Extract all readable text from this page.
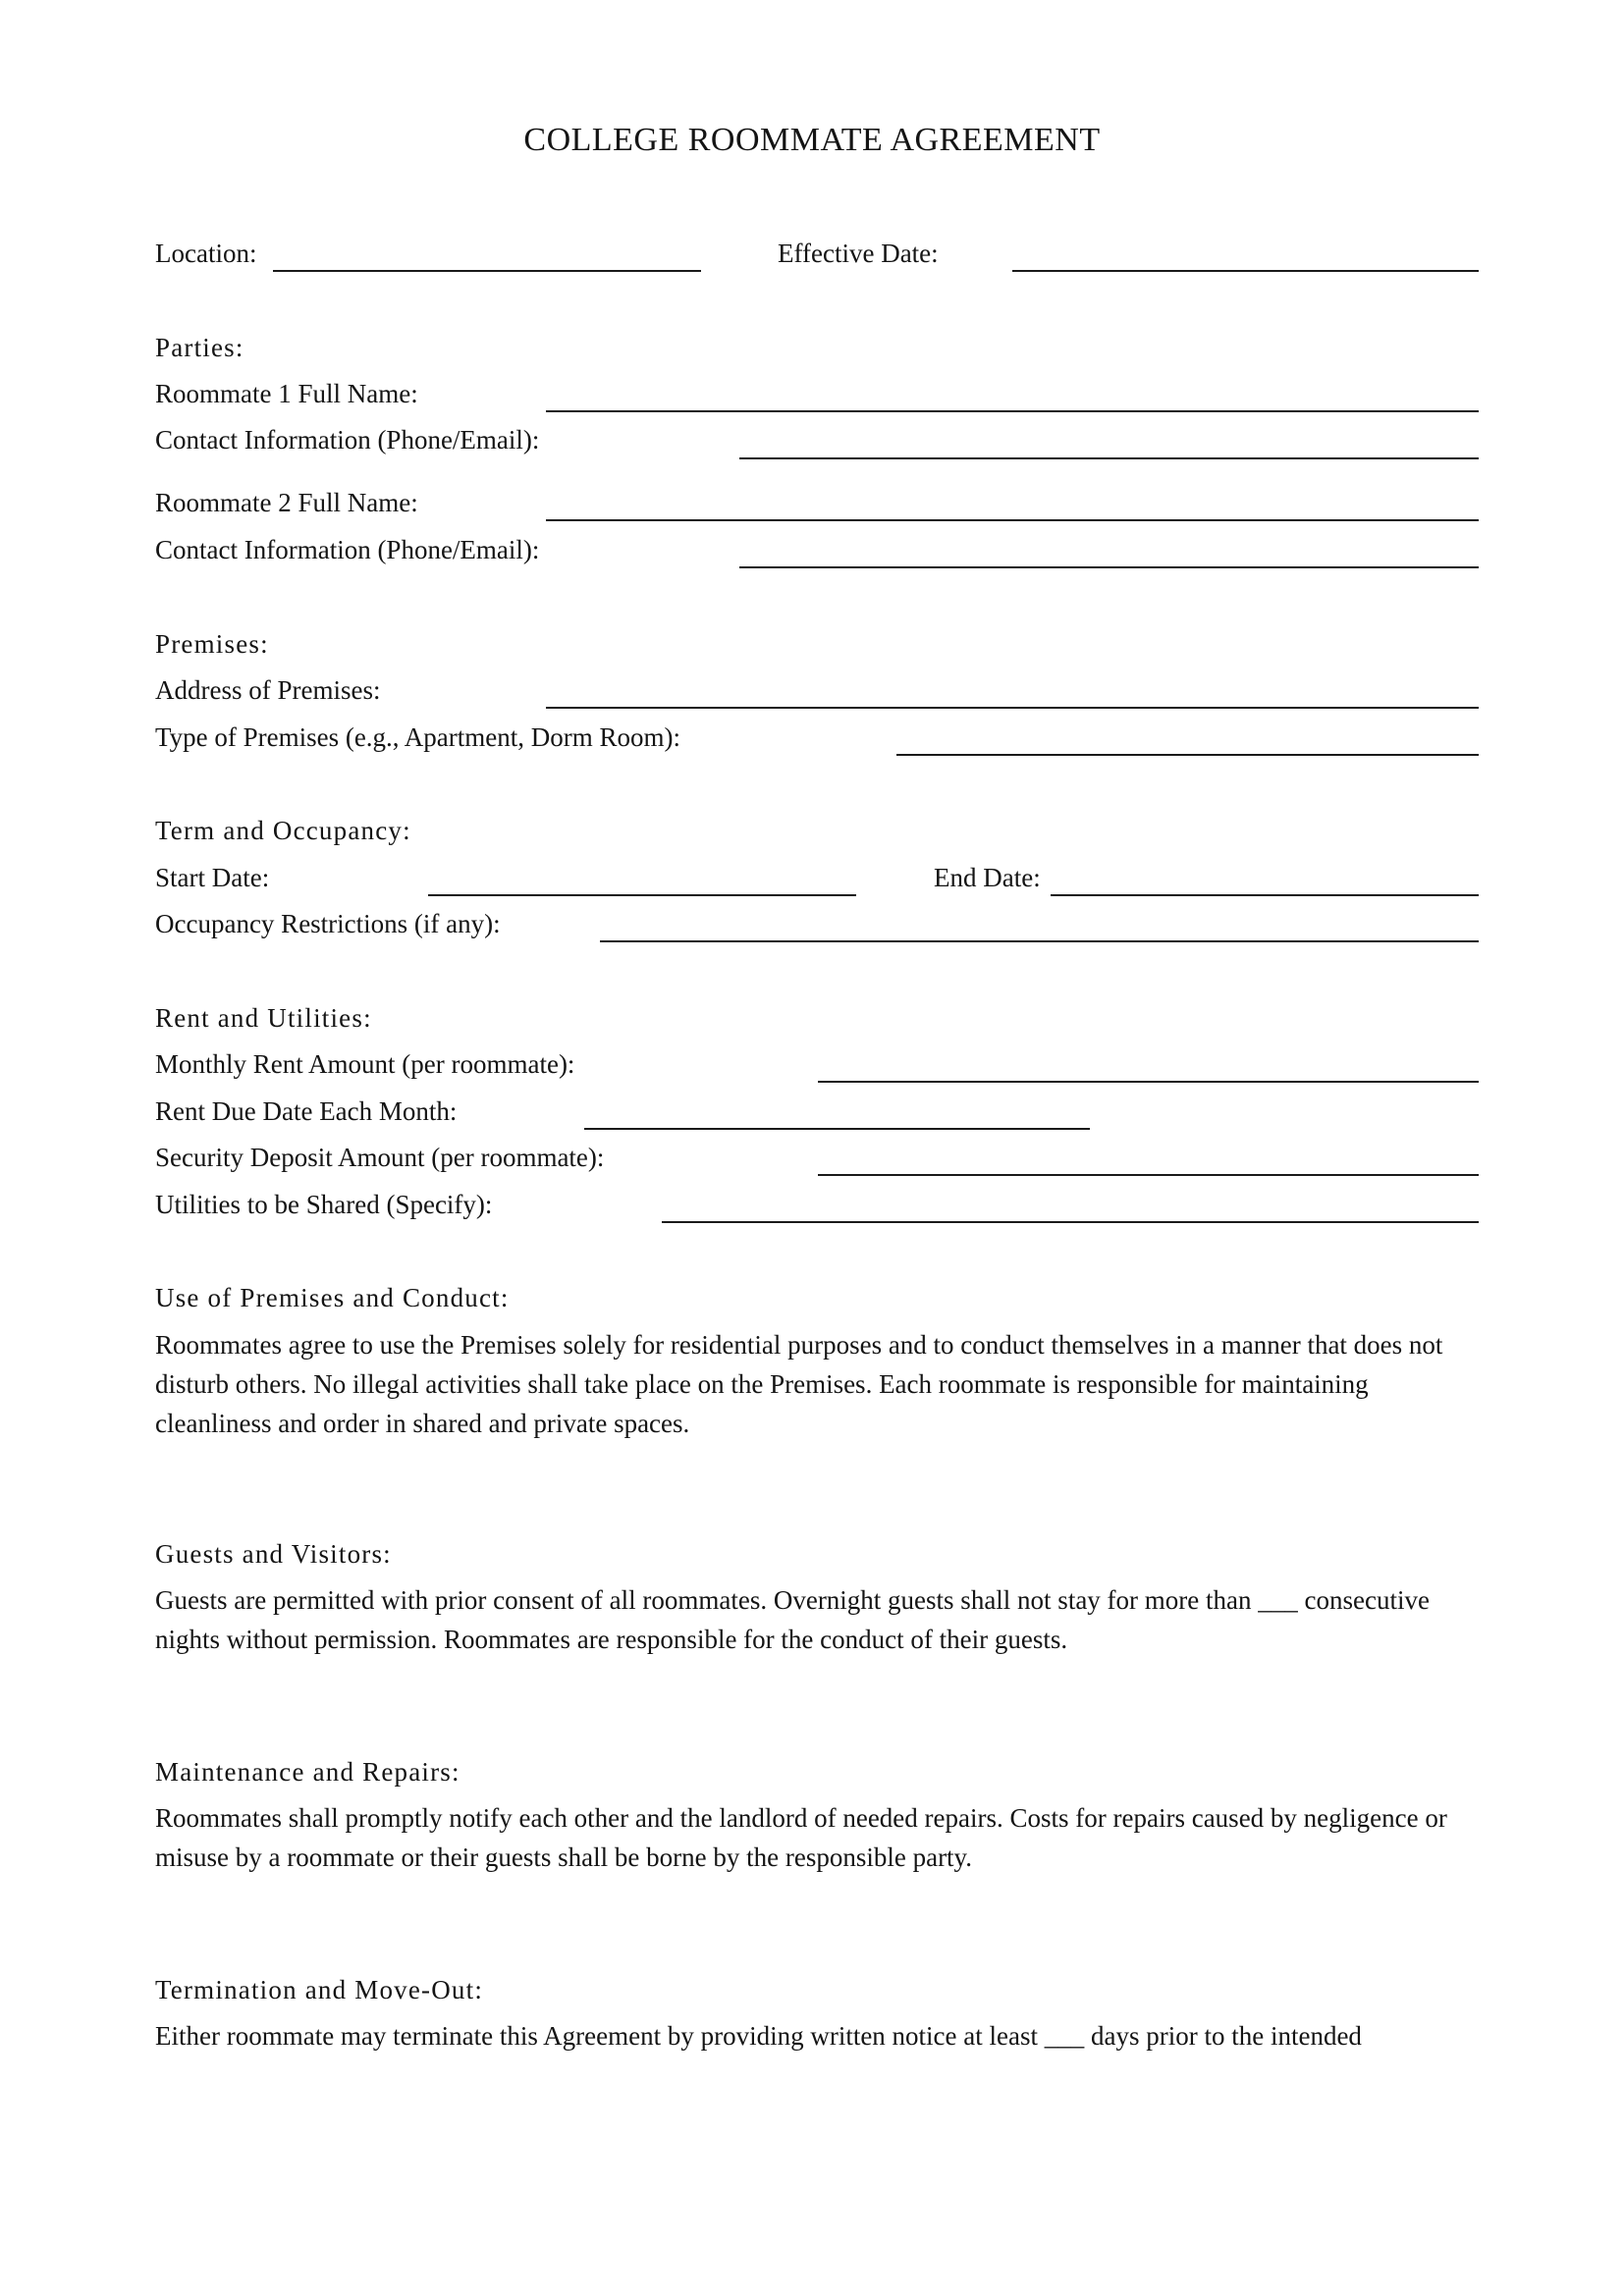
COLLEGE ROOMMATE AGREEMENT
Location:	Effective Date:
Parties:
Roommate 1 Full Name:
Contact Information (Phone/Email):
Roommate 2 Full Name:
Contact Information (Phone/Email):
Premises:
Address of Premises:
Type of Premises (e.g., Apartment, Dorm Room):
Term and Occupancy:
Start Date:	End Date:
Occupancy Restrictions (if any):
Rent and Utilities:
Monthly Rent Amount (per roommate):
Rent Due Date Each Month:
Security Deposit Amount (per roommate):
Utilities to be Shared (Specify):
Use of Premises and Conduct:
Roommates agree to use the Premises solely for residential purposes and to conduct themselves in a manner that does not disturb others. No illegal activities shall take place on the Premises. Each roommate is responsible for maintaining cleanliness and order in shared and private spaces.
Guests and Visitors:
Guests are permitted with prior consent of all roommates. Overnight guests shall not stay for more than ___ consecutive nights without permission. Roommates are responsible for the conduct of their guests.
Maintenance and Repairs:
Roommates shall promptly notify each other and the landlord of needed repairs. Costs for repairs caused by negligence or misuse by a roommate or their guests shall be borne by the responsible party.
Termination and Move-Out:
Either roommate may terminate this Agreement by providing written notice at least ___ days prior to the intended
